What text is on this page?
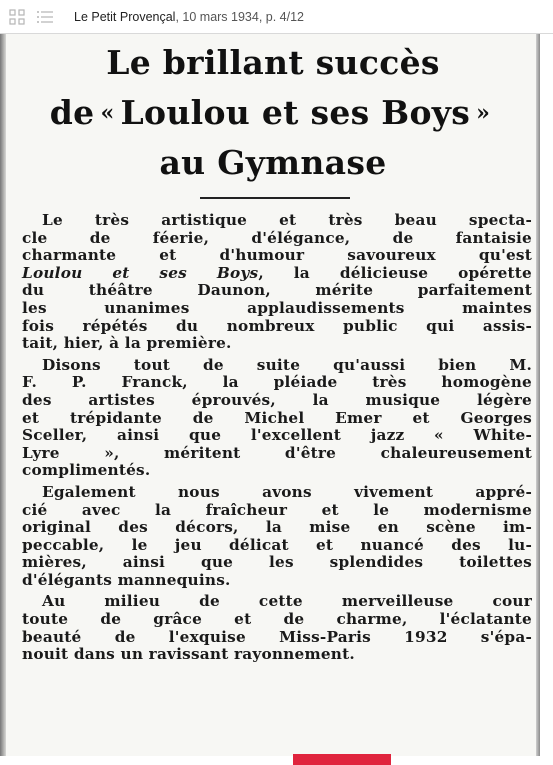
Le Petit Provençal, 10 mars 1934, p. 4/12
Le brillant succès
de « Loulou et ses Boys »
au Gymnase
Le très artistique et très beau specta-
cle de féerie, d'élégance, de fantaisie
charmante et d'humour savoureux qu'est
Loulou et ses Boys, la délicieuse opérette
du théâtre Daunon, mérite parfaitement
les unanimes applaudissements maintes
fois répétés du nombreux public qui assis-
tait, hier, à la première.
Disons tout de suite qu'aussi bien M.
F. P. Franck, la pléiade très homogène
des artistes éprouvés, la musique légère
et trépidante de Michel Emer et Georges
Sceller, ainsi que l'excellent jazz « White-
Lyre », méritent d'être chaleureusement
complimentés.
Egalement nous avons vivement appré-
cié avec la fraîcheur et le modernisme
original des décors, la mise en scène im-
peccable, le jeu délicat et nuancé des lu-
mières, ainsi que les splendides toilettes
d'élégants mannequins.
Au milieu de cette merveilleuse cour
toute de grâce et de charme, l'éclatante
beauté de l'exquise Miss-Paris 1932 s'épa-
nouit dans un ravissant rayonnement.
